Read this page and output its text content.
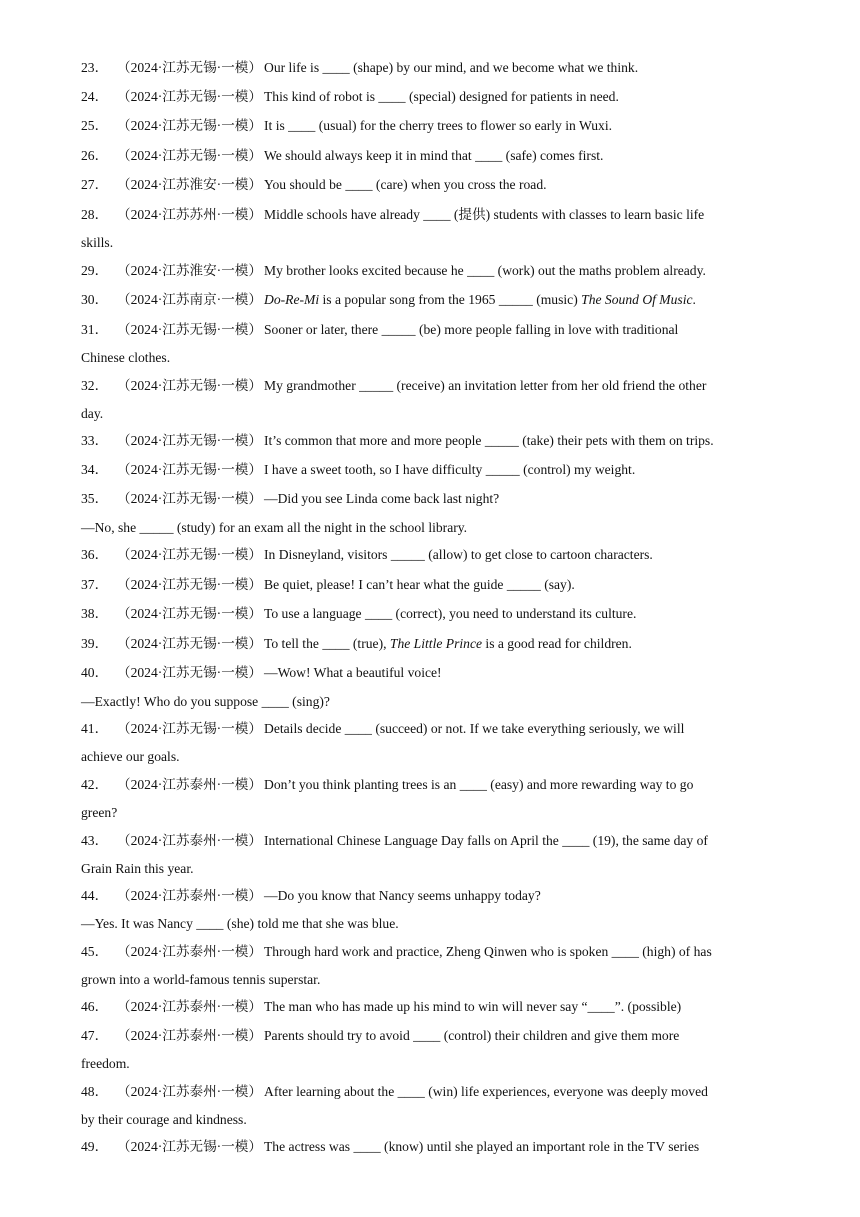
23． （2024·江苏无锡·一模） Our life is ____ (shape) by our mind, and we become what we think.
24． （2024·江苏无锡·一模） This kind of robot is ____ (special) designed for patients in need.
25． （2024·江苏无锡·一模） It is ____ (usual) for the cherry trees to flower so early in Wuxi.
26． （2024·江苏无锡·一模） We should always keep it in mind that ____ (safe) comes first.
27． （2024·江苏淮安·一模） You should be ____ (care) when you cross the road.
28． （2024·江苏苏州·一模） Middle schools have already ____ (提供) students with classes to learn basic life
skills.
29． （2024·江苏淮安·一模） My brother looks excited because he ____ (work) out the maths problem already.
30． （2024·江苏南京·一模） Do-Re-Mi is a popular song from the 1965 _____ (music) The Sound Of Music.
31． （2024·江苏无锡·一模） Sooner or later, there _____ (be) more people falling in love with traditional
Chinese clothes.
32． （2024·江苏无锡·一模） My grandmother _____ (receive) an invitation letter from her old friend the other
day.
33． （2024·江苏无锡·一模） It’s common that more and more people _____ (take) their pets with them on trips.
34． （2024·江苏无锡·一模） I have a sweet tooth, so I have difficulty _____ (control) my weight.
35． （2024·江苏无锡·一模） —Did you see Linda come back last night?
—No, she _____ (study) for an exam all the night in the school library.
36． （2024·江苏无锡·一模） In Disneyland, visitors _____ (allow) to get close to cartoon characters.
37． （2024·江苏无锡·一模） Be quiet, please! I can’t hear what the guide _____ (say).
38． （2024·江苏无锡·一模） To use a language ____ (correct), you need to understand its culture.
39． （2024·江苏无锡·一模） To tell the ____ (true), The Little Prince is a good read for children.
40． （2024·江苏无锡·一模） —Wow! What a beautiful voice!
—Exactly! Who do you suppose ____ (sing)?
41． （2024·江苏无锡·一模） Details decide ____ (succeed) or not. If we take everything seriously, we will
achieve our goals.
42． （2024·江苏泰州·一模） Don’t you think planting trees is an ____ (easy) and more rewarding way to go
green?
43． （2024·江苏泰州·一模） International Chinese Language Day falls on April the ____ (19), the same day of
Grain Rain this year.
44． （2024·江苏泰州·一模） —Do you know that Nancy seems unhappy today?
—Yes. It was Nancy ____ (she) told me that she was blue.
45． （2024·江苏泰州·一模） Through hard work and practice, Zheng Qinwen who is spoken ____ (high) of has
grown into a world-famous tennis superstar.
46． （2024·江苏泰州·一模） The man who has made up his mind to win will never say “____”. (possible)
47． （2024·江苏泰州·一模） Parents should try to avoid ____ (control) their children and give them more
freedom.
48． （2024·江苏泰州·一模） After learning about the ____ (win) life experiences, everyone was deeply moved
by their courage and kindness.
49． （2024·江苏无锡·一模） The actress was ____ (know) until she played an important role in the TV series
